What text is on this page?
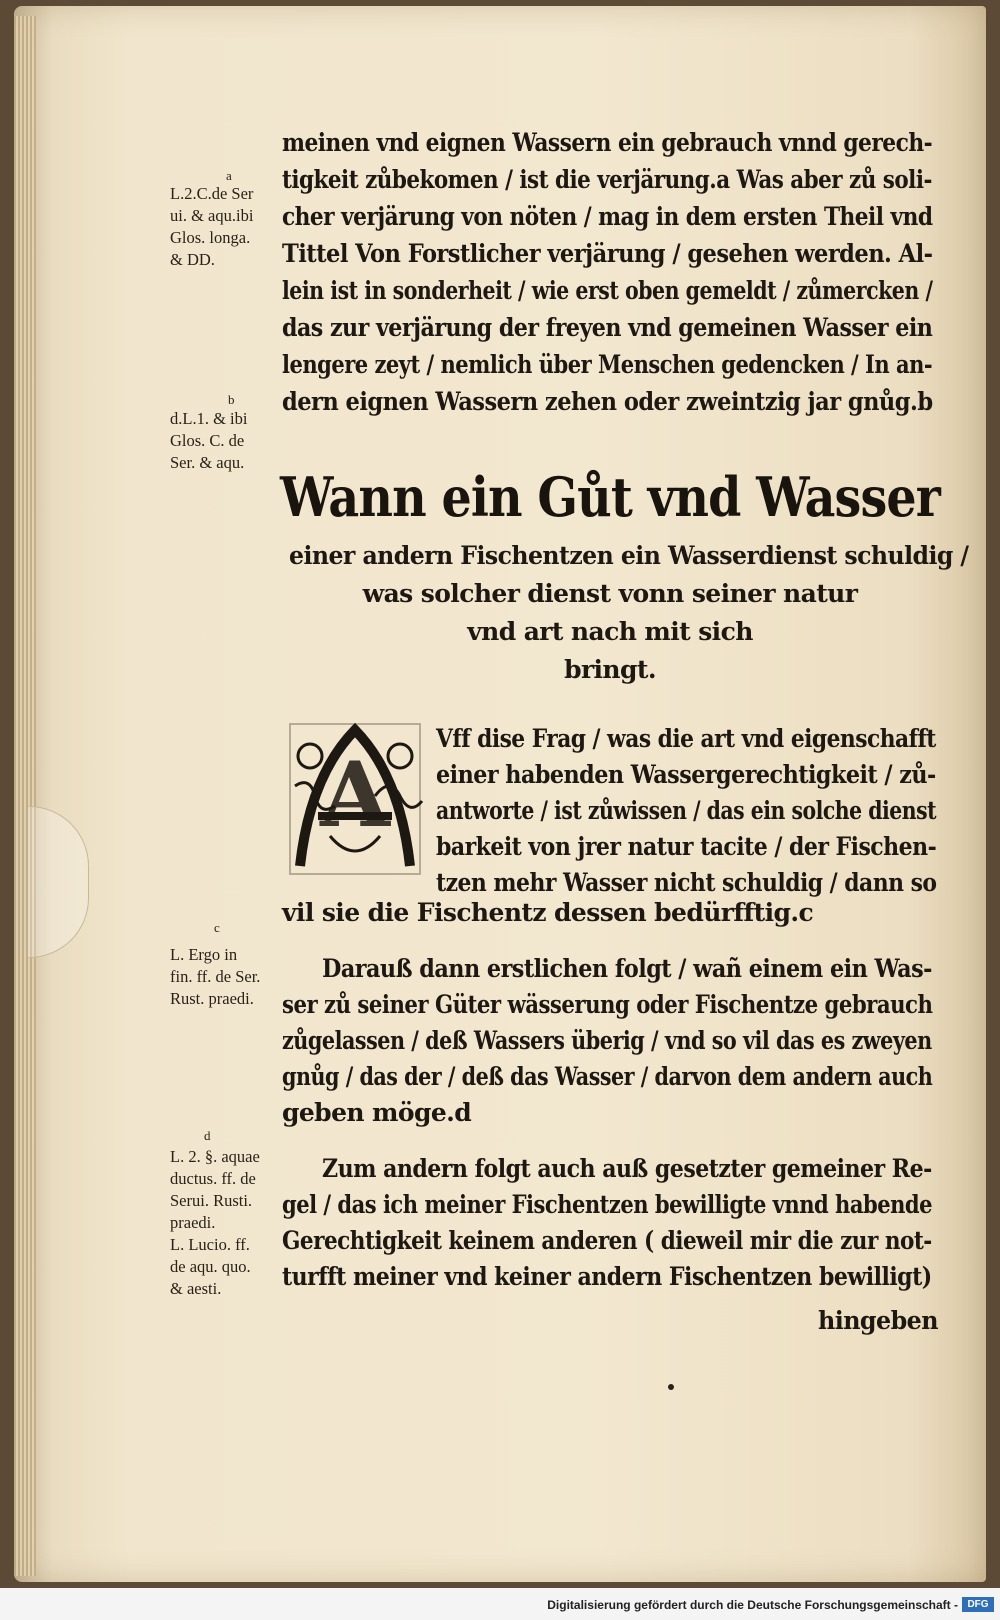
a
L.2.C.de Ser
ui. & aqu.ibi
Glos. longa.
& DD.
b
d.L.1. & ibi
Glos. C. de
Ser. & aqu.
c
L. Ergo in
fin. ff. de Ser.
Rust. praedi.
d
L. 2. §. aquae
ductus. ff. de
Serui. Rusti.
praedi.
L. Lucio. ff.
de aqu. quo.
& aesti.
meinen vnd eignen Wassern ein gebrauch vnnd gerech-
tigkeit zůbekomen / ist die verjärung.a Was aber zů soli-
cher verjärung von nöten / mag in dem ersten Theil vnd
Tittel Von Forstlicher verjärung / gesehen werden. Al-
lein ist in sonderheit / wie erst oben gemeldt / zůmercken /
das zur verjärung der freyen vnd gemeinen Wasser ein
lengere zeyt / nemlich über Menschen gedencken / In an-
dern eignen Wassern zehen oder zweintzig jar gnůg.b
Wann ein Gůt vnd Wasser
einer andern Fischentzen ein Wasserdienst schuldig /
was solcher dienst vonn seiner natur
vnd art nach mit sich
bringt.
A
Vff dise Frag / was die art vnd eigenschafft
einer habenden Wassergerechtigkeit / zů-
antworte / ist zůwissen / das ein solche dienst
barkeit von jrer natur tacite / der Fischen-
tzen mehr Wasser nicht schuldig / dann so
vil sie die Fischentz dessen bedürfftig.c
Darauß dann erstlichen folgt / wañ einem ein Was-
ser zů seiner Güter wässerung oder Fischentze gebrauch
zůgelassen / deß Wassers überig / vnd so vil das es zweyen
gnůg / das der / deß das Wasser / darvon dem andern auch
geben möge.d
Zum andern folgt auch auß gesetzter gemeiner Re-
gel / das ich meiner Fischentzen bewilligte vnnd habende
Gerechtigkeit keinem anderen ( dieweil mir die zur not-
turfft meiner vnd keiner andern Fischentzen bewilligt)
hingeben
Digitalisierung gefördert durch die Deutsche Forschungsgemeinschaft - DFG
